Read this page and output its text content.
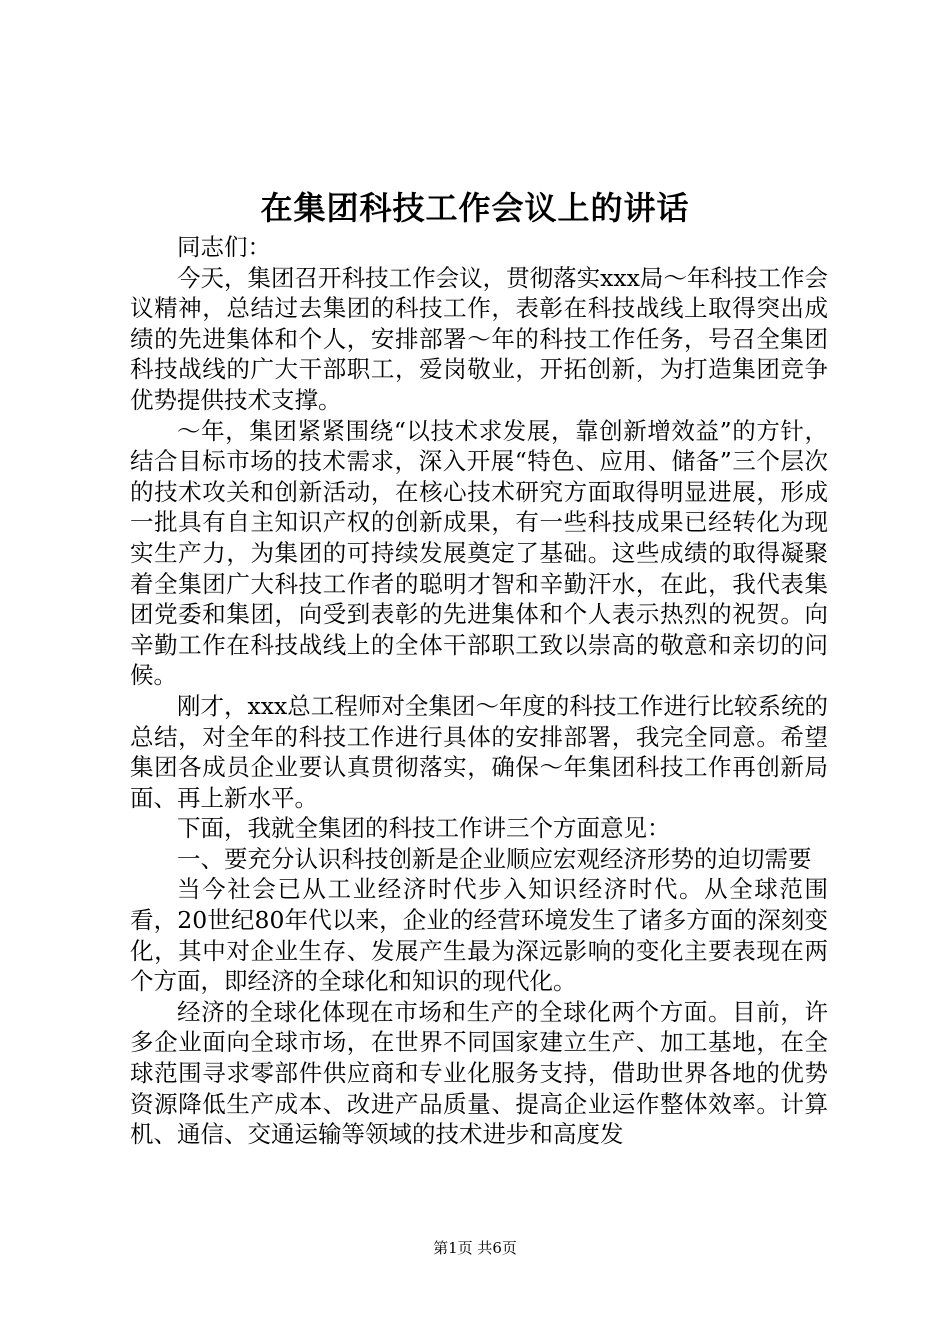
在集团科技工作会议上的讲话

同志们：

今天，集团召开科技工作会议，贯彻落实xxx局～年科技工作会议精神，总结过去集团的科技工作，表彰在科技战线上取得突出成绩的先进集体和个人，安排部署～年的科技工作任务，号召全集团科技战线的广大干部职工，爱岗敬业，开拓创新，为打造集团竞争优势提供技术支撑。

～年，集团紧紧围绕“以技术求发展，靠创新增效益”的方针，结合目标市场的技术需求，深入开展“特色、应用、储备”三个层次的技术攻关和创新活动，在核心技术研究方面取得明显进展，形成一批具有自主知识产权的创新成果，有一些科技成果已经转化为现实生产力，为集团的可持续发展奠定了基础。这些成绩的取得凝聚着全集团广大科技工作者的聪明才智和辛勤汗水，在此，我代表集团党委和集团，向受到表彰的先进集体和个人表示热烈的祝贺。向辛勤工作在科技战线上的全体干部职工致以崇高的敬意和亲切的问候。

刚才，xxx总工程师对全集团～年度的科技工作进行比较系统的总结，对全年的科技工作进行具体的安排部署，我完全同意。希望集团各成员企业要认真贯彻落实，确保～年集团科技工作再创新局面、再上新水平。

下面，我就全集团的科技工作讲三个方面意见：

一、要充分认识科技创新是企业顺应宏观经济形势的迫切需要

当今社会已从工业经济时代步入知识经济时代。从全球范围看，20世纪80年代以来，企业的经营环境发生了诸多方面的深刻变化，其中对企业生存、发展产生最为深远影响的变化主要表现在两个方面，即经济的全球化和知识的现代化。

经济的全球化体现在市场和生产的全球化两个方面。目前，许多企业面向全球市场，在世界不同国家建立生产、加工基地，在全球范围寻求零部件供应商和专业化服务支持，借助世界各地的优势资源降低生产成本、改进产品质量、提高企业运作整体效率。计算机、通信、交通运输等领域的技术进步和高度发

第1页 共6页
